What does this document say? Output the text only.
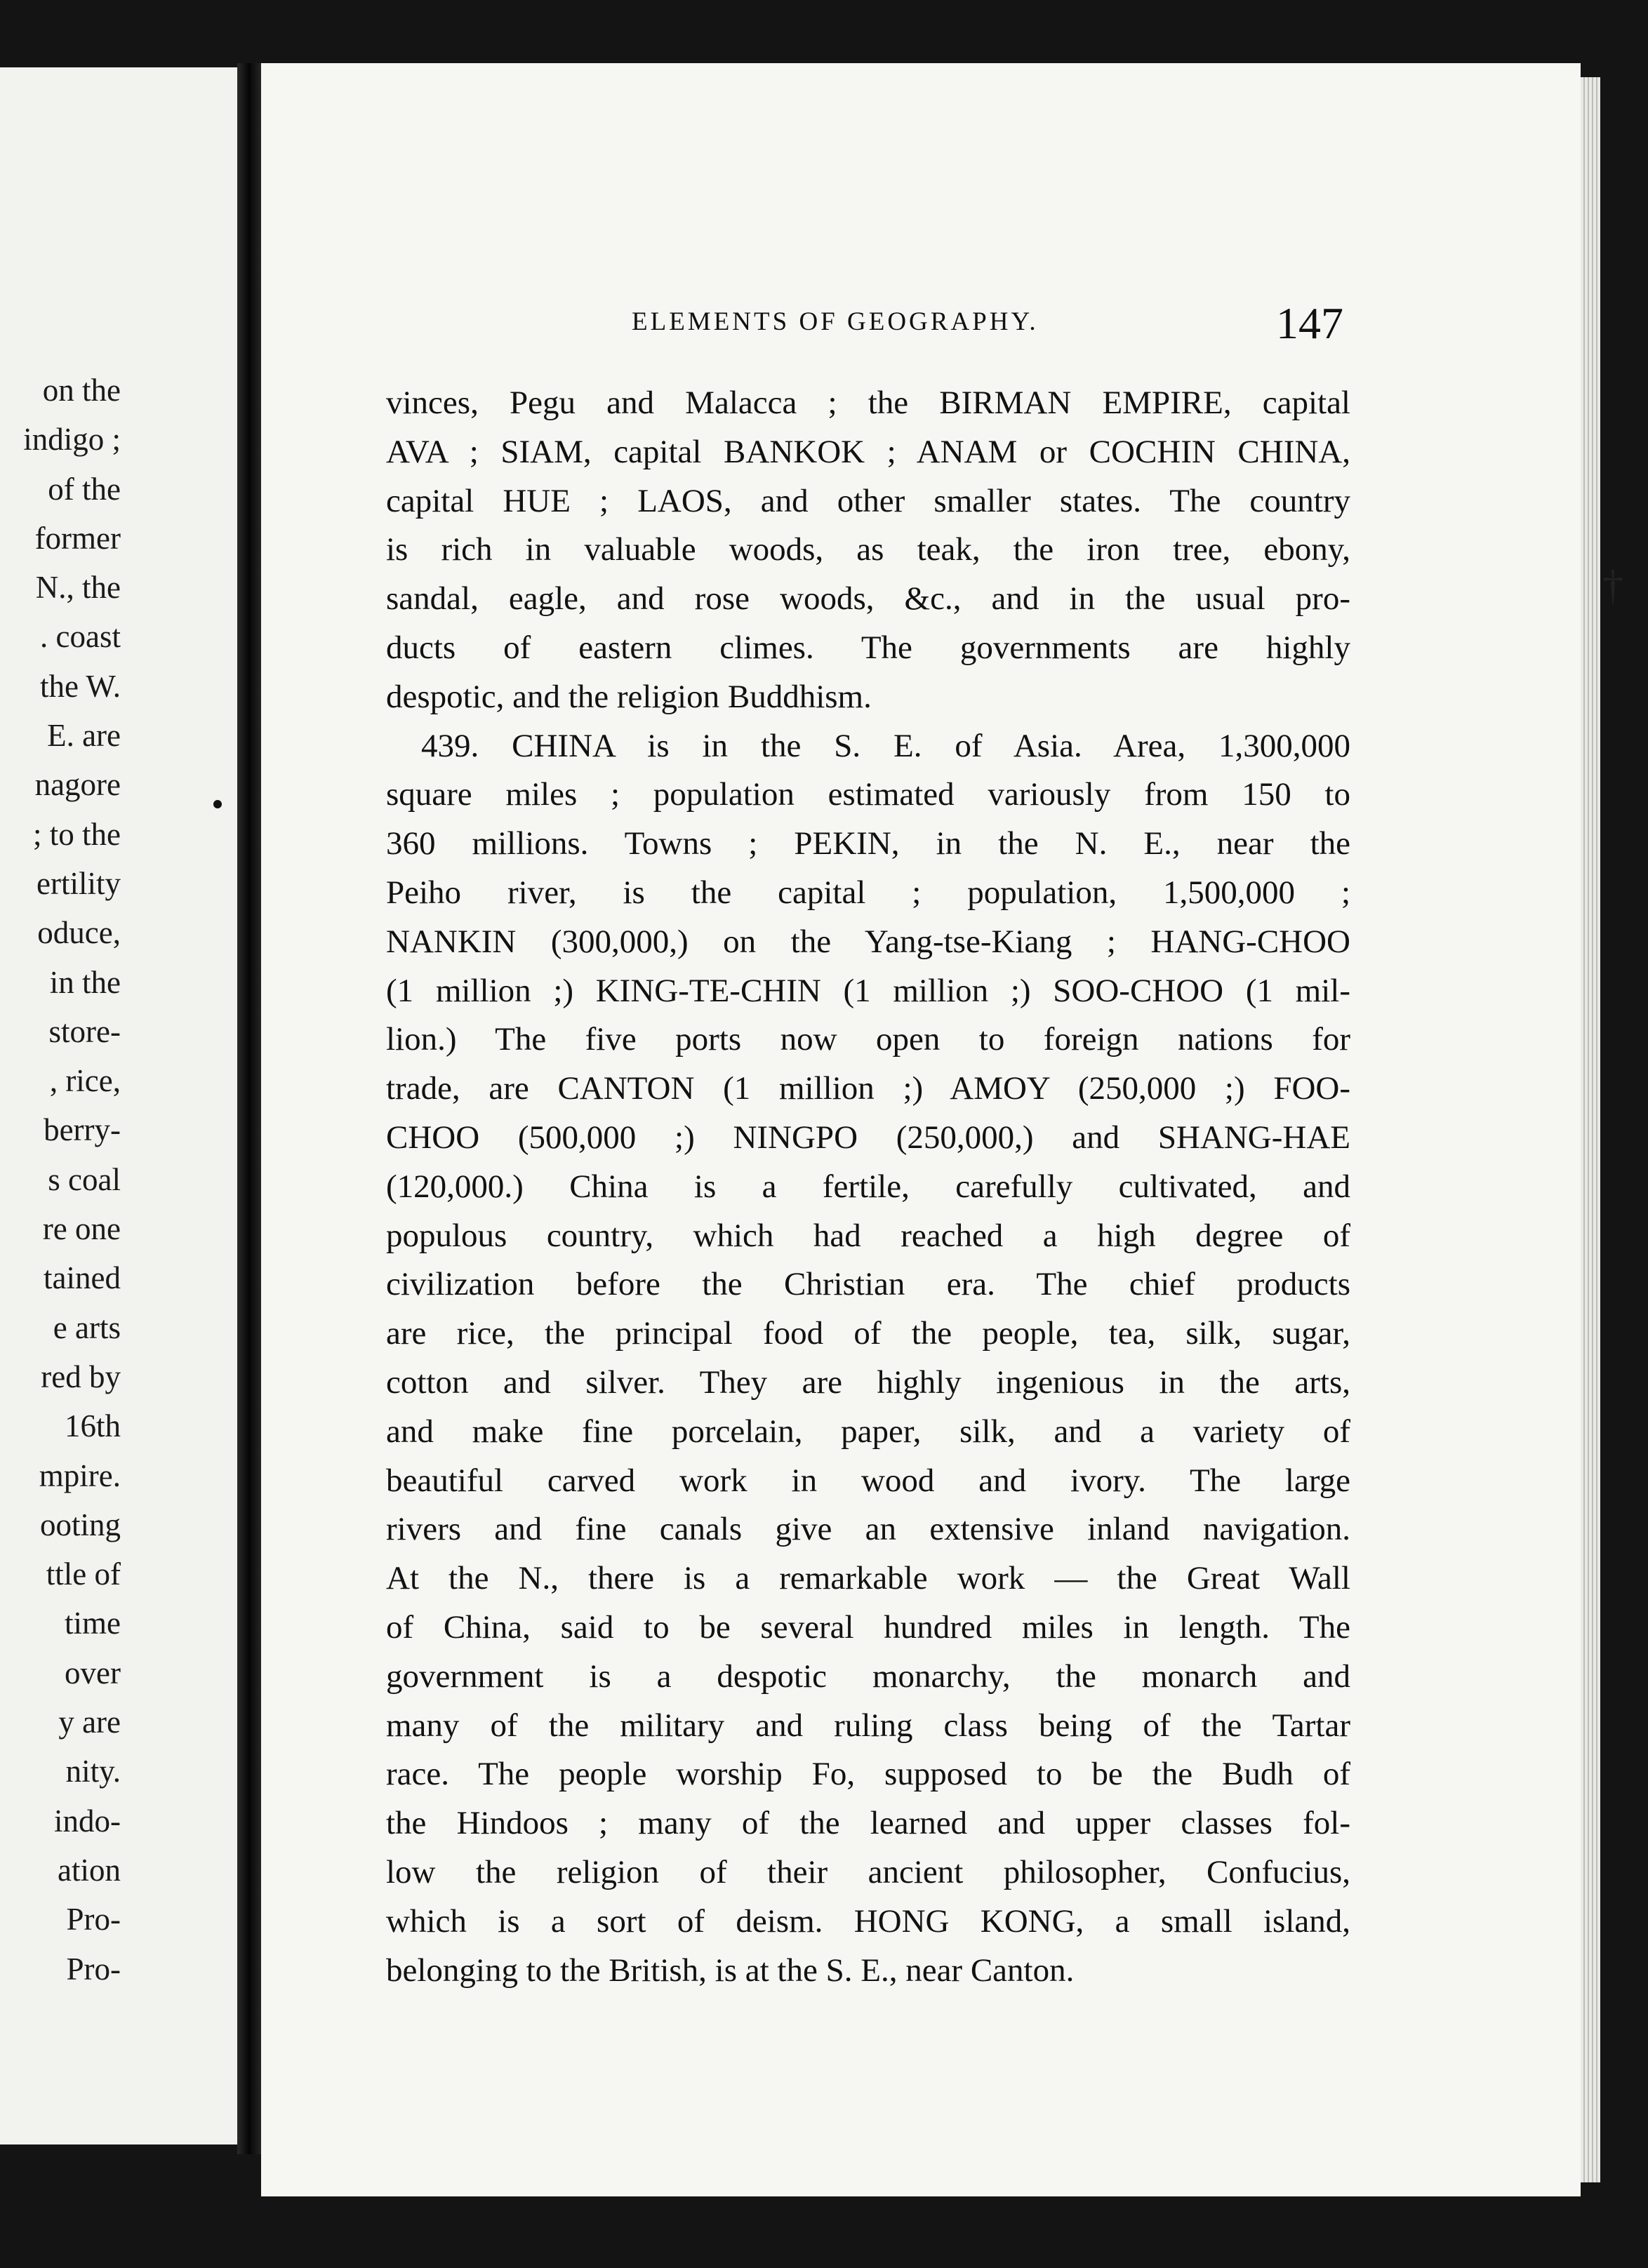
on the
indigo ;
of the
former
N., the
. coast
the W.
E. are
nagore
; to the
ertility
oduce,
in the
store-
, rice,
berry-
s coal
re one
tained
e arts
red by
16th
mpire.
ooting
ttle of
time
over
y are
nity.
indo-
ation
Pro-
Pro-
ELEMENTS OF GEOGRAPHY.	147
vinces, Pegu and Malacca ; the BIRMAN EMPIRE, capital
AVA ; SIAM, capital BANKOK ; ANAM or COCHIN CHINA,
capital HUE ; LAOS, and other smaller states. The country
is rich in valuable woods, as teak, the iron tree, ebony,
sandal, eagle, and rose woods, &c., and in the usual pro-
ducts of eastern climes. The governments are highly
despotic, and the religion Buddhism.
439. CHINA is in the S. E. of Asia. Area, 1,300,000
square miles ; population estimated variously from 150 to
360 millions. Towns ; PEKIN, in the N. E., near the
Peiho river, is the capital ; population, 1,500,000 ;
NANKIN (300,000,) on the Yang-tse-Kiang ; HANG-CHOO
(1 million ;) KING-TE-CHIN (1 million ;) SOO-CHOO (1 mil-
lion.) The five ports now open to foreign nations for
trade, are CANTON (1 million ;) AMOY (250,000 ;) FOO-
CHOO (500,000 ;) NINGPO (250,000,) and SHANG-HAE
(120,000.) China is a fertile, carefully cultivated, and
populous country, which had reached a high degree of
civilization before the Christian era. The chief products
are rice, the principal food of the people, tea, silk, sugar,
cotton and silver. They are highly ingenious in the arts,
and make fine porcelain, paper, silk, and a variety of
beautiful carved work in wood and ivory. The large
rivers and fine canals give an extensive inland navigation.
At the N., there is a remarkable work — the Great Wall
of China, said to be several hundred miles in length. The
government is a despotic monarchy, the monarch and
many of the military and ruling class being of the Tartar
race. The people worship Fo, supposed to be the Budh of
the Hindoos ; many of the learned and upper classes fol-
low the religion of their ancient philosopher, Confucius,
which is a sort of deism. HONG KONG, a small island,
belonging to the British, is at the S. E., near Canton.
†
